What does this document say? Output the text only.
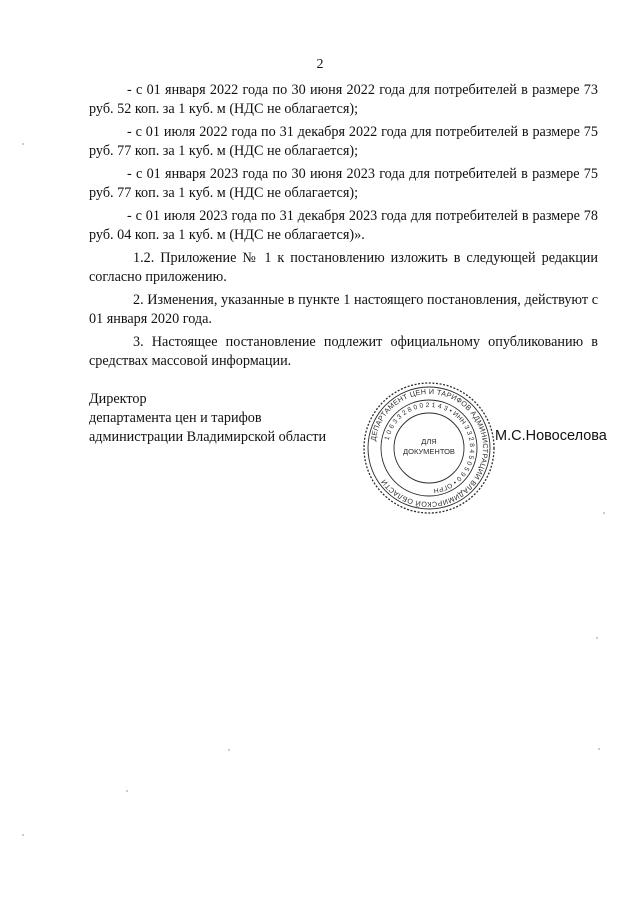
2

- с 01 января 2022 года по 30 июня 2022 года для потребителей в размере 73 руб. 52 коп. за 1 куб. м (НДС не облагается);

- с 01 июля 2022 года по 31 декабря 2022 года для потребителей в размере 75 руб. 77 коп. за 1 куб. м (НДС не облагается);

- с 01 января 2023 года по 30 июня 2023 года для потребителей в размере 75 руб. 77 коп. за 1 куб. м (НДС не облагается);

- с 01 июля 2023 года по 31 декабря 2023 года для потребителей в размере 78 руб. 04 коп. за 1 куб. м (НДС не облагается)».

1.2. Приложение № 1 к постановлению изложить в следующей редакции согласно приложению.

2. Изменения, указанные в пункте 1 настоящего постановления, действуют с 01 января 2020 года.

3. Настоящее постановление подлежит официальному опубликованию в средствах массовой информации.

Директор
департамента цен и тарифов
администрации Владимирской области	М.С.Новоселова
ДЕПАРТАМЕНТ ЦЕН И ТАРИФОВ АДМИНИСТРАЦИИ ВЛАДИМИРСКОЙ ОБЛАСТИ
1 0 6 3 3 2 8 0 0 2 1 4 3 • ИНН 3 3 2 8 4 5 0 5 9 0 • ОГРН
ДЛЯ
ДОКУМЕНТОВ
